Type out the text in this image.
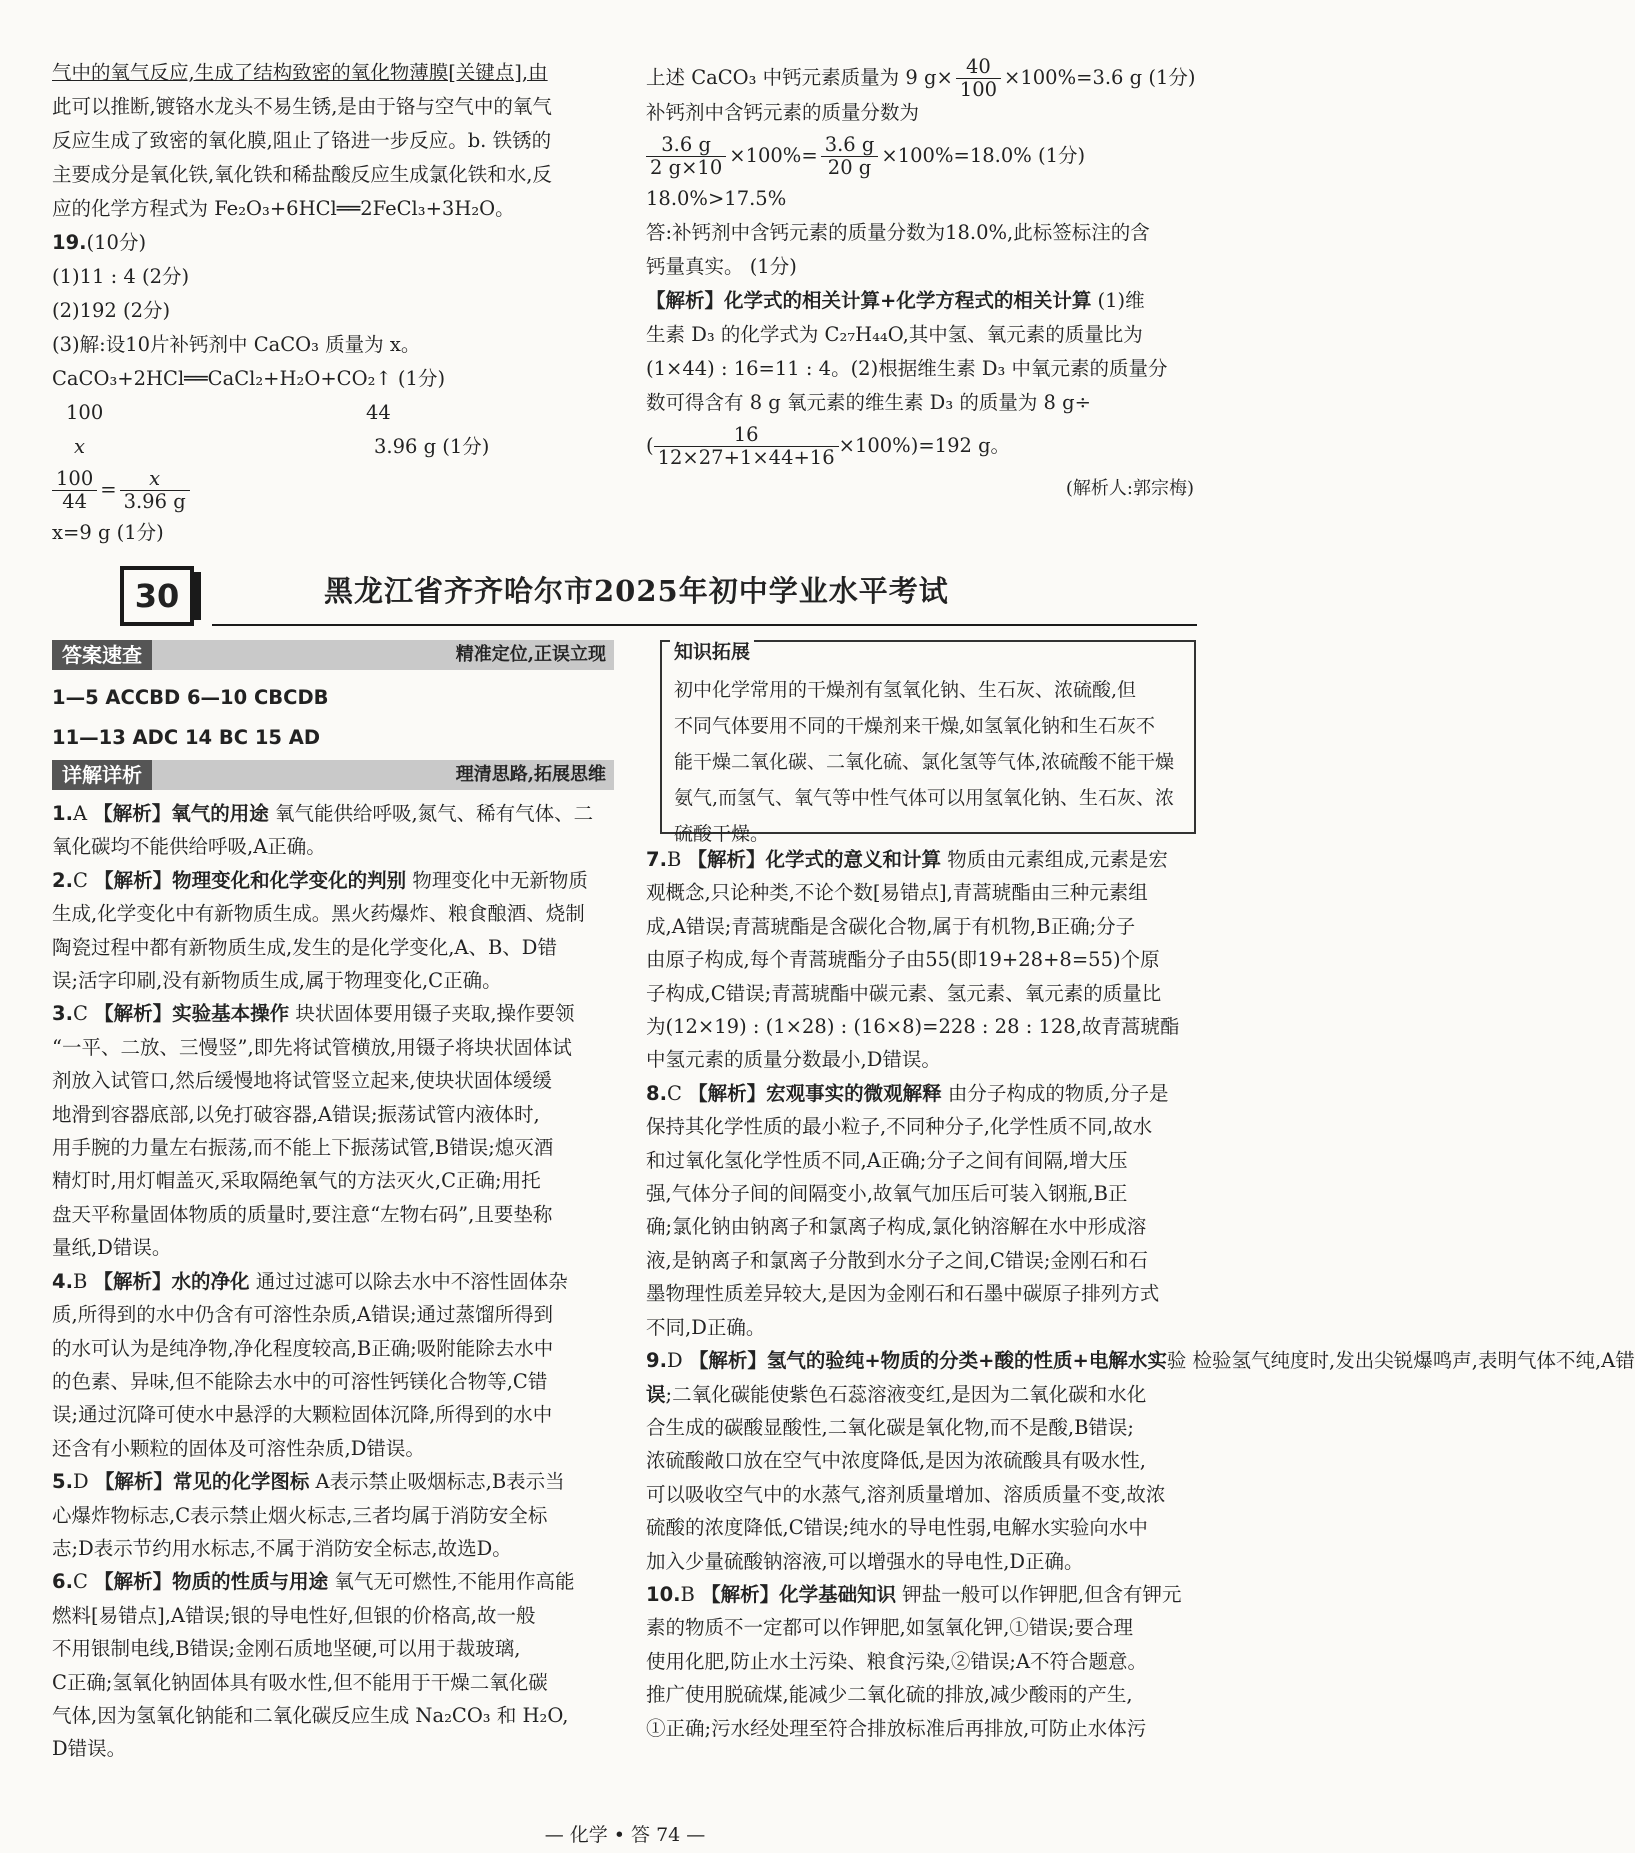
气中的氧气反应,生成了结构致密的氧化物薄膜[关键点],由
此可以推断,镀铬水龙头不易生锈,是由于铬与空气中的氧气
反应生成了致密的氧化膜,阻止了铬进一步反应。b. 铁锈的
主要成分是氧化铁,氧化铁和稀盐酸反应生成氯化铁和水,反
应的化学方程式为 Fe₂O₃+6HCl══2FeCl₃+3H₂O。
19.(10分)
(1)11 : 4 (2分)
(2)192 (2分)
(3)解:设10片补钙剂中 CaCO₃ 质量为 x。
CaCO₃+2HCl══CaCl₂+H₂O+CO₂↑ (1分)
100	44
x	3.96 g (1分)
$\frac{100}{44} = \frac{x}{3.96 g}$
x=9 g (1分)
上述 CaCO₃ 中钙元素质量为 9 $g\times \frac{40}{100} \times 100\%=3.6$ g (1分)
补钙剂中含钙元素的质量分数为
$\frac{3.6 g}{2 g\times 10} \times 100\%= \frac{3.6 g}{20 g} \times 100\%=18.0\%$ (1分)
18.0%>17.5%
答:补钙剂中含钙元素的质量分数为18.0%,此标签标注的含
钙量真实。 (1分)
【解析】化学式的相关计算+化学方程式的相关计算 (1)维
生素 D₃ 的化学式为 C₂₇H₄₄O,其中氢、氧元素的质量比为
(1×44) : 16=11 : 4。(2)根据维生素 D₃ 中氧元素的质量分
数可得含有 8 g 氧元素的维生素 D₃ 的质量为 8 g÷
( $\frac{16}{12\times 27+1\times 44+16} \times 100\%)=192$ g。
(解析人:郭宗梅)
30	黑龙江省齐齐哈尔市2025年初中学业水平考试
答案速查	精准定位,正误立现
1—5 ACCBD 6—10 CBCDB
11—13 ADC 14 BC 15 AD
详解详析	理清思路,拓展思维
知识拓展
初中化学常用的干燥剂有氢氧化钠、生石灰、浓硫酸,但
不同气体要用不同的干燥剂来干燥,如氢氧化钠和生石灰不
能干燥二氧化碳、二氧化硫、氯化氢等气体,浓硫酸不能干燥
氨气,而氢气、氧气等中性气体可以用氢氧化钠、生石灰、浓
硫酸干燥。
1.A 【解析】氧气的用途 氧气能供给呼吸,氮气、稀有气体、二
氧化碳均不能供给呼吸,A正确。
2.C 【解析】物理变化和化学变化的判别 物理变化中无新物质
生成,化学变化中有新物质生成。黑火药爆炸、粮食酿酒、烧制
陶瓷过程中都有新物质生成,发生的是化学变化,A、B、D错
误;活字印刷,没有新物质生成,属于物理变化,C正确。
3.C 【解析】实验基本操作 块状固体要用镊子夹取,操作要领
“一平、二放、三慢竖”,即先将试管横放,用镊子将块状固体试
剂放入试管口,然后缓慢地将试管竖立起来,使块状固体缓缓
地滑到容器底部,以免打破容器,A错误;振荡试管内液体时,
用手腕的力量左右振荡,而不能上下振荡试管,B错误;熄灭酒
精灯时,用灯帽盖灭,采取隔绝氧气的方法灭火,C正确;用托
盘天平称量固体物质的质量时,要注意“左物右码”,且要垫称
量纸,D错误。
4.B 【解析】水的净化 通过过滤可以除去水中不溶性固体杂
质,所得到的水中仍含有可溶性杂质,A错误;通过蒸馏所得到
的水可认为是纯净物,净化程度较高,B正确;吸附能除去水中
的色素、异味,但不能除去水中的可溶性钙镁化合物等,C错
误;通过沉降可使水中悬浮的大颗粒固体沉降,所得到的水中
还含有小颗粒的固体及可溶性杂质,D错误。
5.D 【解析】常见的化学图标 A表示禁止吸烟标志,B表示当
心爆炸物标志,C表示禁止烟火标志,三者均属于消防安全标
志;D表示节约用水标志,不属于消防安全标志,故选D。
6.C 【解析】物质的性质与用途 氧气无可燃性,不能用作高能
燃料[易错点],A错误;银的导电性好,但银的价格高,故一般
不用银制电线,B错误;金刚石质地坚硬,可以用于裁玻璃,
C正确;氢氧化钠固体具有吸水性,但不能用于干燥二氧化碳
气体,因为氢氧化钠能和二氧化碳反应生成 Na₂CO₃ 和 H₂O,
D错误。
7.B 【解析】化学式的意义和计算 物质由元素组成,元素是宏
观概念,只论种类,不论个数[易错点],青蒿琥酯由三种元素组
成,A错误;青蒿琥酯是含碳化合物,属于有机物,B正确;分子
由原子构成,每个青蒿琥酯分子由55(即19+28+8=55)个原
子构成,C错误;青蒿琥酯中碳元素、氢元素、氧元素的质量比
为(12×19) : (1×28) : (16×8)=228 : 28 : 128,故青蒿琥酯
中氢元素的质量分数最小,D错误。
8.C 【解析】宏观事实的微观解释 由分子构成的物质,分子是
保持其化学性质的最小粒子,不同种分子,化学性质不同,故水
和过氧化氢化学性质不同,A正确;分子之间有间隔,增大压
强,气体分子间的间隔变小,故氧气加压后可装入钢瓶,B正
确;氯化钠由钠离子和氯离子构成,氯化钠溶解在水中形成溶
液,是钠离子和氯离子分散到水分子之间,C错误;金刚石和石
墨物理性质差异较大,是因为金刚石和石墨中碳原子排列方式
不同,D正确。
9.D 【解析】氢气的验纯+物质的分类+酸的性质+电解水实验 检验氢气纯度时,发出尖锐爆鸣声,表明气体不纯,A错
误;二氧化碳能使紫色石蕊溶液变红,是因为二氧化碳和水化
合生成的碳酸显酸性,二氧化碳是氧化物,而不是酸,B错误;
浓硫酸敞口放在空气中浓度降低,是因为浓硫酸具有吸水性,
可以吸收空气中的水蒸气,溶剂质量增加、溶质质量不变,故浓
硫酸的浓度降低,C错误;纯水的导电性弱,电解水实验向水中
加入少量硫酸钠溶液,可以增强水的导电性,D正确。
10.B 【解析】化学基础知识 钾盐一般可以作钾肥,但含有钾元
素的物质不一定都可以作钾肥,如氢氧化钾,①错误;要合理
使用化肥,防止水土污染、粮食污染,②错误;A不符合题意。
推广使用脱硫煤,能减少二氧化硫的排放,减少酸雨的产生,
①正确;污水经处理至符合排放标准后再排放,可防止水体污
— 化学 • 答 74 —
